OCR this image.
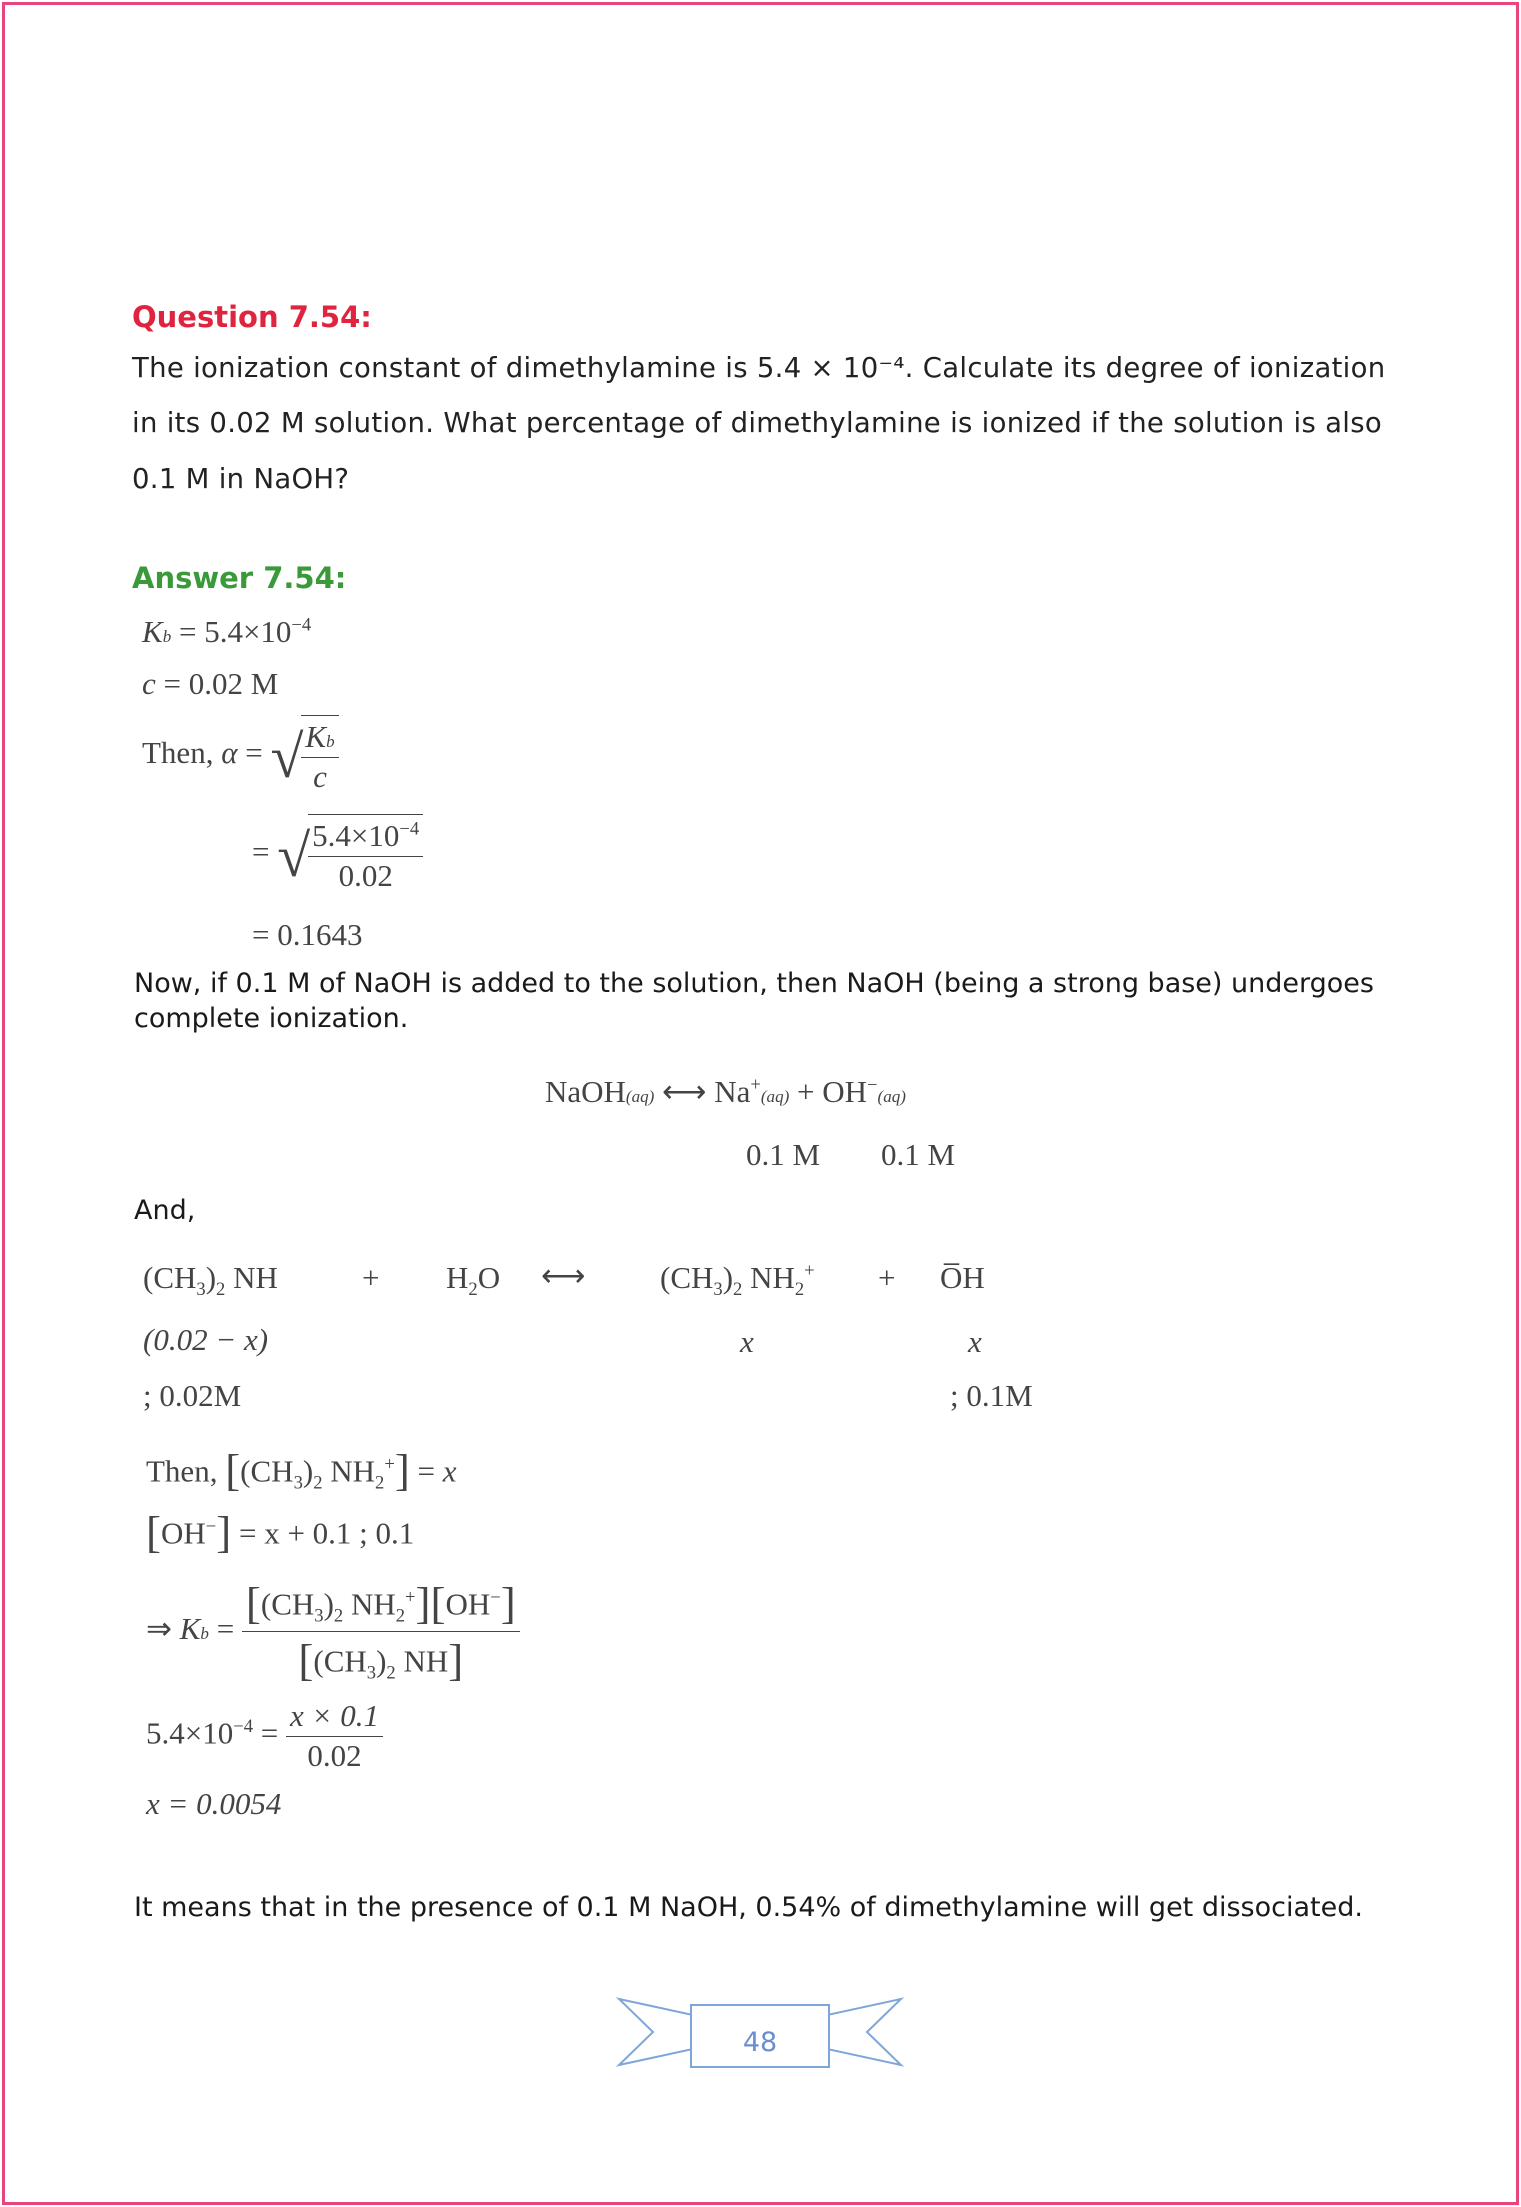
Question 7.54:
The ionization constant of dimethylamine is 5.4 × 10⁻⁴. Calculate its degree of ionization
in its 0.02 M solution. What percentage of dimethylamine is ionized if the solution is also
0.1 M in NaOH?
Answer 7.54:
$Kb = 5.4\times 10^{-4}$
c = 0.02 M
Then, α = √
$\frac{Kb}{c}$
= √
$\frac{5.4\times 10^{-4}}{0.02}$
= 0.1643
Now, if 0.1 M of NaOH is added to the solution, then NaOH (being a strong base) undergoes
complete ionization.
NaOH(aq) ⟷ Na+(aq) + OH−(aq)
0.1 M 0.1 M
And,
$(CH_3)_2$ NH	+ $H_2O$ ⟷ $(CH_3)_2$ $NH_2^+$ + O̅H
(0.02 − x)	x	x
; 0.02M	; 0.1M
Then, [$(CH_3)_2$ $NH_2^+] = x$
[OH−] = x + 0.1 ; 0.1
⇒ $Kb = \frac{[(CH_3)_2 NH_2^+][OH^-]}{[(CH_3)_2 NH]}$
$5.4\times 10^{-4} = \frac{x \times 0.1}{0.02}$
x = 0.0054
It means that in the presence of 0.1 M NaOH, 0.54% of dimethylamine will get dissociated.
48
